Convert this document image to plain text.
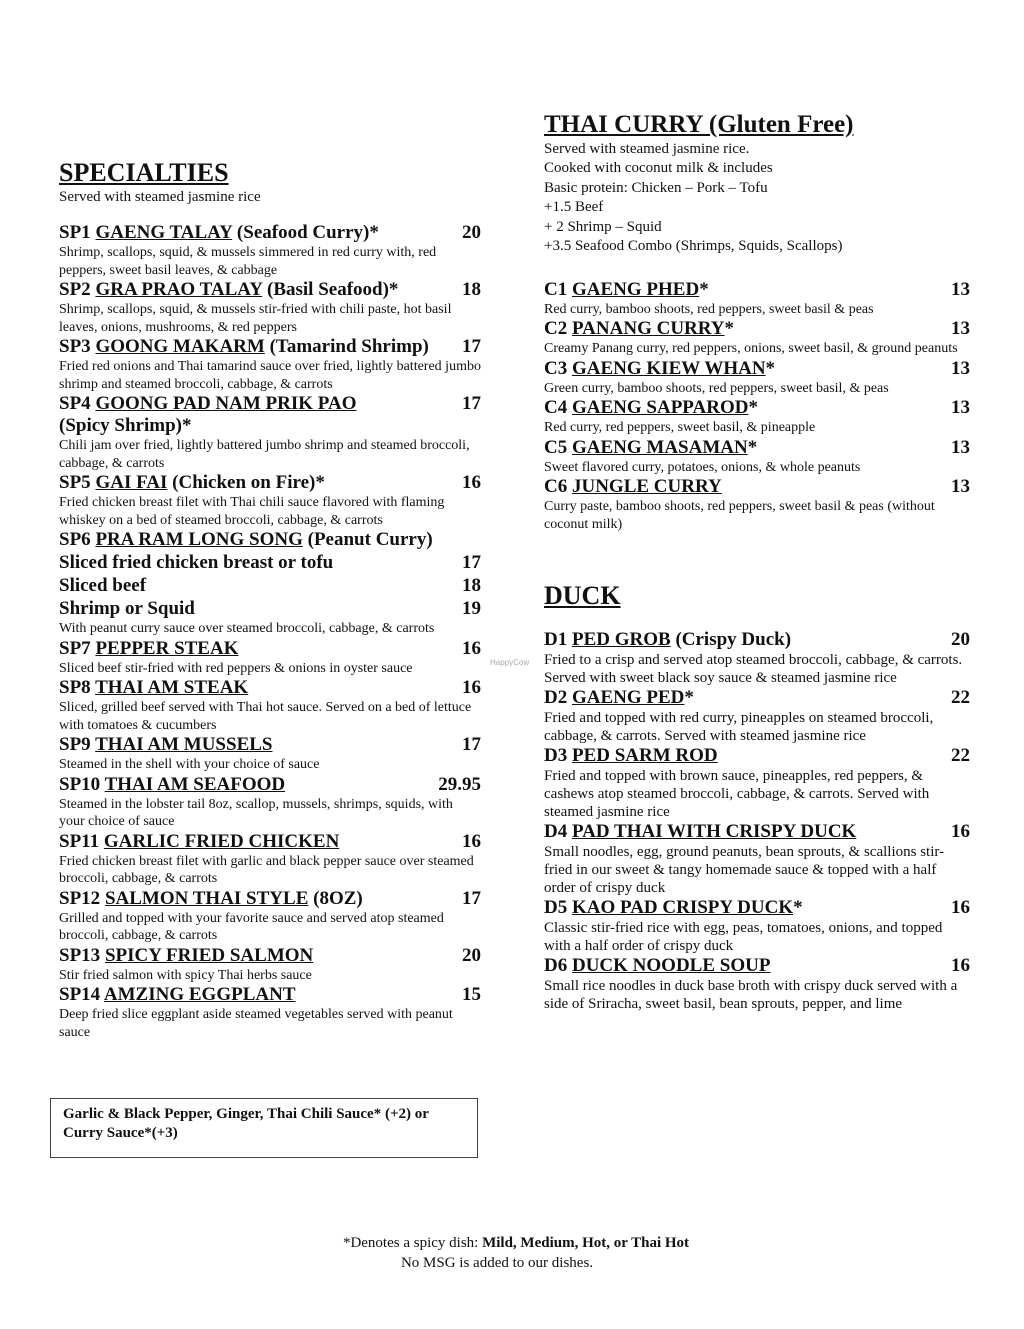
SPECIALTIES
Served with steamed jasmine rice
SP1 GAENG TALAY (Seafood Curry)*	20
Shrimp, scallops, squid, & mussels simmered in red curry with, red peppers, sweet basil leaves, & cabbage
SP2 GRA PRAO TALAY (Basil Seafood)*	18
Shrimp, scallops, squid, & mussels stir-fried with chili paste, hot basil leaves, onions, mushrooms, & red peppers
SP3 GOONG MAKARM (Tamarind Shrimp)	17
Fried red onions and Thai tamarind sauce over fried, lightly battered jumbo shrimp and steamed broccoli, cabbage, & carrots
SP4 GOONG PAD NAM PRIK PAO	17
(Spicy Shrimp)*
Chili jam over fried, lightly battered jumbo shrimp and steamed broccoli, cabbage, & carrots
SP5 GAI FAI (Chicken on Fire)*	16
Fried chicken breast filet with Thai chili sauce flavored with flaming whiskey on a bed of steamed broccoli, cabbage, & carrots
SP6 PRA RAM LONG SONG (Peanut Curry)
Sliced fried chicken breast or tofu	17
Sliced beef	18
Shrimp or Squid	19
With peanut curry sauce over steamed broccoli, cabbage, & carrots
SP7 PEPPER STEAK	16
Sliced beef stir-fried with red peppers & onions in oyster sauce
SP8 THAI AM STEAK	16
Sliced, grilled beef served with Thai hot sauce. Served on a bed of lettuce with tomatoes & cucumbers
SP9 THAI AM MUSSELS	17
Steamed in the shell with your choice of sauce
SP10 THAI AM SEAFOOD	29.95
Steamed in the lobster tail 8oz, scallop, mussels, shrimps, squids, with your choice of sauce
SP11 GARLIC FRIED CHICKEN	16
Fried chicken breast filet with garlic and black pepper sauce over steamed broccoli, cabbage, & carrots
SP12 SALMON THAI STYLE (8OZ)	17
Grilled and topped with your favorite sauce and served atop steamed broccoli, cabbage, & carrots
SP13 SPICY FRIED SALMON	20
Stir fried salmon with spicy Thai herbs sauce
SP14 AMZING EGGPLANT	15
Deep fried slice eggplant aside steamed vegetables served with peanut sauce
Garlic & Black Pepper, Ginger, Thai Chili Sauce* (+2) or Curry Sauce*(+3)
HappyCow
THAI CURRY (Gluten Free)
Served with steamed jasmine rice.
Cooked with coconut milk & includes
Basic protein: Chicken – Pork – Tofu
+1.5 Beef
+ 2 Shrimp – Squid
+3.5 Seafood Combo (Shrimps, Squids, Scallops)
C1 GAENG PHED*	13
Red curry, bamboo shoots, red peppers, sweet basil & peas
C2 PANANG CURRY*	13
Creamy Panang curry, red peppers, onions, sweet basil, & ground peanuts
C3 GAENG KIEW WHAN*	13
Green curry, bamboo shoots, red peppers, sweet basil, & peas
C4 GAENG SAPPAROD*	13
Red curry, red peppers, sweet basil, & pineapple
C5 GAENG MASAMAN*	13
Sweet flavored curry, potatoes, onions, & whole peanuts
C6 JUNGLE CURRY	13
Curry paste, bamboo shoots, red peppers, sweet basil & peas (without coconut milk)
DUCK
D1 PED GROB (Crispy Duck)	20
Fried to a crisp and served atop steamed broccoli, cabbage, & carrots. Served with sweet black soy sauce & steamed jasmine rice
D2 GAENG PED*	22
Fried and topped with red curry, pineapples on steamed broccoli, cabbage, & carrots. Served with steamed jasmine rice
D3 PED SARM ROD	22
Fried and topped with brown sauce, pineapples, red peppers, & cashews atop steamed broccoli, cabbage, & carrots. Served with steamed jasmine rice
D4 PAD THAI WITH CRISPY DUCK	16
Small noodles, egg, ground peanuts, bean sprouts, & scallions stir-fried in our sweet & tangy homemade sauce & topped with a half order of crispy duck
D5 KAO PAD CRISPY DUCK*	16
Classic stir-fried rice with egg, peas, tomatoes, onions, and topped with a half order of crispy duck
D6 DUCK NOODLE SOUP	16
Small rice noodles in duck base broth with crispy duck served with a side of Sriracha, sweet basil, bean sprouts, pepper, and lime
*Denotes a spicy dish: Mild, Medium, Hot, or Thai Hot
No MSG is added to our dishes.
